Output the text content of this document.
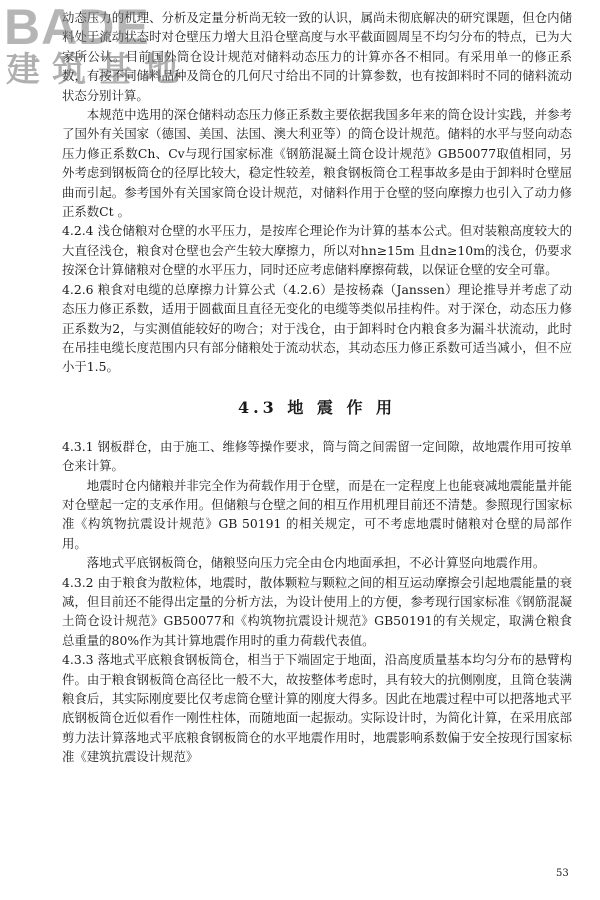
BADE
建筑基地

动态压力的机理、分析及定量分析尚无较一致的认识，属尚未彻底解决的研究课题，但仓内储料处于流动状态时对仓壁压力增大且沿仓壁高度与水平截面圆周呈不均匀分布的特点，已为大家所公认。目前国外筒仓设计规范对储料动态压力的计算亦各不相同。有采用单一的修正系数，有按不同储料品种及筒仓的几何尺寸给出不同的计算参数，也有按卸料时不同的储料流动状态分别计算。

本规范中选用的深仓储料动态压力修正系数主要依据我国多年来的筒仓设计实践，并参考了国外有关国家（德国、美国、法国、澳大利亚等）的筒仓设计规范。储料的水平与竖向动态压力修正系数Ch、Cv与现行国家标准《钢筋混凝土筒仓设计规范》GB50077取值相同，另外考虑到钢板筒仓的径厚比较大，稳定性较差，粮食钢板筒仓工程事故多是由于卸料时仓壁屈曲而引起。参考国外有关国家筒仓设计规范，对储料作用于仓壁的竖向摩擦力也引入了动力修正系数Ct 。

4.2.4 浅仓储粮对仓壁的水平压力，是按库仑理论作为计算的基本公式。但对装粮高度较大的大直径浅仓，粮食对仓壁也会产生较大摩擦力，所以对hn≥15m 且dn≥10m的浅仓，仍要求按深仓计算储粮对仓壁的水平压力，同时还应考虑储料摩擦荷载，以保证仓壁的安全可靠。

4.2.6 粮食对电缆的总摩擦力计算公式（4.2.6）是按杨森（Janssen）理论推导并考虑了动态压力修正系数，适用于圆截面且直径无变化的电缆等类似吊挂构件。对于深仓，动态压力修正系数为2，与实测值能较好的吻合；对于浅仓，由于卸料时仓内粮食多为漏斗状流动，此时在吊挂电缆长度范围内只有部分储粮处于流动状态，其动态压力修正系数可适当减小，但不应小于1.5。

4.3 地 震 作 用

4.3.1 钢板群仓，由于施工、维修等操作要求，筒与筒之间需留一定间隙，故地震作用可按单仓来计算。

地震时仓内储粮并非完全作为荷载作用于仓壁，而是在一定程度上也能衰减地震能量并能对仓壁起一定的支承作用。但储粮与仓壁之间的相互作用机理目前还不清楚。参照现行国家标准《构筑物抗震设计规范》GB 50191 的相关规定，可不考虑地震时储粮对仓壁的局部作用。

落地式平底钢板筒仓，储粮竖向压力完全由仓内地面承担，不必计算竖向地震作用。

4.3.2 由于粮食为散粒体，地震时，散体颗粒与颗粒之间的相互运动摩擦会引起地震能量的衰减，但目前还不能得出定量的分析方法，为设计使用上的方便，参考现行国家标准《钢筋混凝土筒仓设计规范》GB50077和《构筑物抗震设计规范》GB50191的有关规定，取满仓粮食总重量的80%作为其计算地震作用时的重力荷载代表值。

4.3.3 落地式平底粮食钢板筒仓，相当于下端固定于地面，沿高度质量基本均匀分布的悬臂构件。由于粮食钢板筒仓高径比一般不大，故按整体考虑时，具有较大的抗侧刚度，且筒仓装满粮食后，其实际刚度要比仅考虑筒仓壁计算的刚度大得多。因此在地震过程中可以把落地式平底钢板筒仓近似看作一刚性柱体，而随地面一起振动。实际设计时，为简化计算，在采用底部剪力法计算落地式平底粮食钢板筒仓的水平地震作用时，地震影响系数偏于安全按现行国家标准《建筑抗震设计规范》

53
